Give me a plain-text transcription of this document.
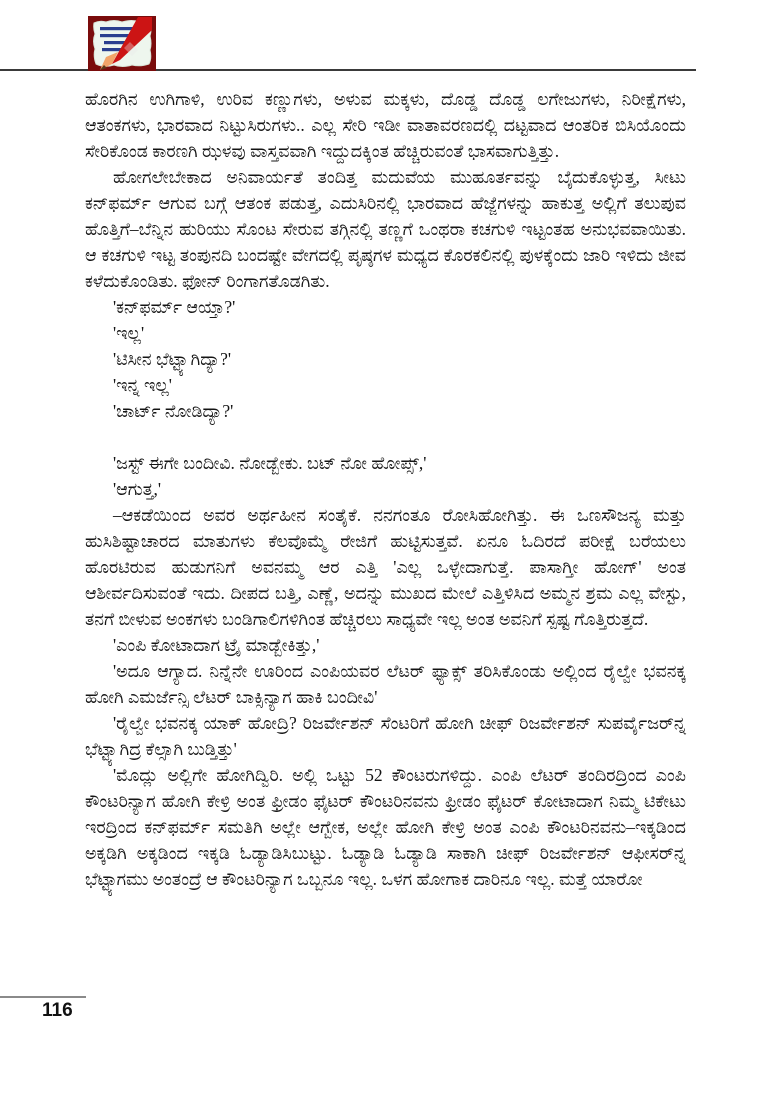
ಹೊರಗಿನ ಉಗಿಗಾಳಿ, ಉರಿವ ಕಣ್ಣುಗಳು, ಅಳುವ ಮಕ್ಕಳು, ದೊಡ್ಡ ದೊಡ್ಡ ಲಗೇಜುಗಳು, ನಿರೀಕ್ಷೆಗಳು, ಆತಂಕಗಳು, ಭಾರವಾದ ನಿಟ್ಟುಸಿರುಗಳು.. ಎಲ್ಲ ಸೇರಿ ಇಡೀ ವಾತಾವರಣದಲ್ಲಿ ದಟ್ಟವಾದ ಆಂತರಿಕ ಬಿಸಿಯೊಂದು ಸೇರಿಕೊಂಡ ಕಾರಣಗಿ ಝಳವು ವಾಸ್ತವವಾಗಿ ಇದ್ದುದಕ್ಕಿಂತ ಹೆಚ್ಚಿರುವಂತೆ ಭಾಸವಾಗುತ್ತಿತ್ತು.

ಹೋಗಲೇಬೇಕಾದ ಅನಿವಾರ್ಯತೆ ತಂದಿತ್ತ ಮದುವೆಯ ಮುಹೂರ್ತವನ್ನು ಬೈದುಕೊಳ್ಳುತ್ತ, ಸೀಟು ಕನ್‌ಫರ್ಮ್ ಆಗುವ ಬಗ್ಗೆ ಆತಂಕ ಪಡುತ್ತ, ಎದುಸಿರಿನಲ್ಲಿ ಭಾರವಾದ ಹೆಜ್ಜೆಗಳನ್ನು ಹಾಕುತ್ತ ಅಲ್ಲಿಗೆ ತಲುಪುವ ಹೊತ್ತಿಗೆ–ಬೆನ್ನಿನ ಹುರಿಯು ಸೊಂಟ ಸೇರುವ ತಗ್ಗಿನಲ್ಲಿ ತಣ್ಣಗೆ ಒಂಥರಾ ಕಚಗುಳಿ ಇಟ್ಟಂತಹ ಅನುಭವವಾಯಿತು. ಆ ಕಚಗುಳಿ ಇಟ್ಟ ತಂಪುನದಿ ಬಂದಷ್ಟೇ ವೇಗದಲ್ಲಿ ಪೃಷ್ಠಗಳ ಮಧ್ಯದ ಕೊರಕಲಿನಲ್ಲಿ ಪುಳಕ್ಕೆಂದು ಜಾರಿ ಇಳಿದು ಜೀವ ಕಳೆದುಕೊಂಡಿತು. ಫೋನ್ ರಿಂಗಾಗತೊಡಗಿತು.

'ಕನ್‌ಫರ್ಮ್ ಆಯ್ತಾ?'

'ಇಲ್ಲ'

'ಟಿಸೀನ ಭೆಟ್ಟ್ಯಾಗಿದ್ಯಾ?'

'ಇನ್ನ ಇಲ್ಲ'

'ಚಾರ್ಟ್ ನೋಡಿದ್ಯಾ?'

'ಜಸ್ಟ್ ಈಗೇ ಬಂದೀವಿ. ನೋಡ್ಬೇಕು. ಬಟ್ ನೋ ಹೋಪ್ಸ್,'

'ಆಗುತ್ತ,'

–ಆಕಡೆಯಿಂದ ಅವರ ಅರ್ಥಹೀನ ಸಂತೈಕೆ. ನನಗಂತೂ ರೋಸಿಹೋಗಿತ್ತು. ಈ ಒಣಸೌಜನ್ಯ ಮತ್ತು ಹುಸಿಶಿಷ್ಟಾಚಾರದ ಮಾತುಗಳು ಕೆಲವೊಮ್ಮೆ ರೇಜಿಗೆ ಹುಟ್ಟಿಸುತ್ತವೆ. ಏನೂ ಓದಿರದೆ ಪರೀಕ್ಷೆ ಬರೆಯಲು ಹೊರಟಿರುವ ಹುಡುಗನಿಗೆ ಅವನಮ್ಮ ಆರ ಎತ್ತಿ 'ಎಲ್ಲ ಒಳ್ಳೇದಾಗುತ್ತೆ. ಪಾಸಾಗ್ತೀ ಹೋಗ್' ಅಂತ ಆಶೀರ್ವದಿಸುವಂತೆ ಇದು. ದೀಪದ ಬತ್ತಿ, ಎಣ್ಣೆ, ಅದನ್ನು ಮುಖದ ಮೇಲೆ ಎತ್ತಿಳಿಸಿದ ಅಮ್ಮನ ಶ್ರಮ ಎಲ್ಲ ವೇಸ್ಟು, ತನಗೆ ಬೀಳುವ ಅಂಕಗಳು ಬಂಡಿಗಾಲಿಗಳಿಗಿಂತ ಹೆಚ್ಚಿರಲು ಸಾಧ್ಯವೇ ಇಲ್ಲ ಅಂತ ಅವನಿಗೆ ಸ್ಪಷ್ಟ ಗೊತ್ತಿರುತ್ತದೆ.

'ಎಂಪಿ ಕೋಟಾದಾಗ ಟ್ರೈ ಮಾಡ್ಬೇಕಿತ್ತು,'

'ಅದೂ ಆಗ್ಯಾದ. ನಿನ್ನೆನೇ ಊರಿಂದ ಎಂಪಿಯವರ ಲೆಟರ್ ಫ್ಯಾಕ್ಸ್ ತರಿಸಿಕೊಂಡು ಅಲ್ಲಿಂದ ರೈಲ್ವೇ ಭವನಕ್ಕ ಹೋಗಿ ಎಮರ್ಜೆನ್ಸಿ ಲೆಟರ್ ಬಾಕ್ಸಿನ್ಯಾಗ ಹಾಕಿ ಬಂದೀವಿ'

'ರೈಲ್ವೇ ಭವನಕ್ಕ ಯಾಕ್ ಹೋದ್ರಿ? ರಿಜರ್ವೇಶನ್ ಸೆಂಟರಿಗೆ ಹೋಗಿ ಚೀಫ್ ರಿಜರ್ವೇಶನ್ ಸುಪರ್ವೈಜರ್‌ನ್ನ ಭೆಟ್ಟ್ಯಾಗಿದ್ರ ಕೆಲ್ಸಾಗಿ ಬುಡ್ತಿತ್ತು'

'ಮೊದ್ಲು ಅಲ್ಲಿಗೇ ಹೋಗಿದ್ವಿರಿ. ಅಲ್ಲಿ ಒಟ್ಟು 52 ಕೌಂಟರುಗಳಿದ್ದು. ಎಂಪಿ ಲೆಟರ್ ತಂದಿರದ್ರಿಂದ ಎಂಪಿ ಕೌಂಟರಿನ್ಯಾಗ ಹೋಗಿ ಕೇಳ್ರಿ ಅಂತ ಫ್ರೀಡಂ ಫೈಟರ್ ಕೌಂಟರಿನವನು ಫ್ರೀಡಂ ಫೈಟರ್ ಕೋಟಾದಾಗ ನಿಮ್ಮ ಟಿಕೇಟು ಇರದ್ರಿಂದ ಕನ್‌ಫರ್ಮ್ ಸಮತಿಗಿ ಅಲ್ಲೇ ಆಗ್ಬೇಕ, ಅಲ್ಲೇ ಹೋಗಿ ಕೇಳ್ರಿ ಅಂತ ಎಂಪಿ ಕೌಂಟರಿನವನು–ಇಕ್ಕಡಿಂದ ಅಕ್ಕಡಿಗಿ ಅಕ್ಕಡಿಂದ ಇಕ್ಕಡಿ ಓಡ್ಯಾಡಿಸಿಬುಟ್ಟು. ಓಡ್ಯಾಡಿ ಓಡ್ಯಾಡಿ ಸಾಕಾಗಿ ಚೀಫ್ ರಿಜರ್ವೇಶನ್ ಆಫೀಸರ್‌ನ್ನ ಭೆಟ್ಟ್ಯಾಗಮು ಅಂತಂದ್ರೆ ಆ ಕೌಂಟರಿನ್ಯಾಗ ಒಬ್ಬನೂ ಇಲ್ಲ. ಒಳಗ ಹೋಗಾಕ ದಾರಿನೂ ಇಲ್ಲ. ಮತ್ತೆ ಯಾರೋ

116
